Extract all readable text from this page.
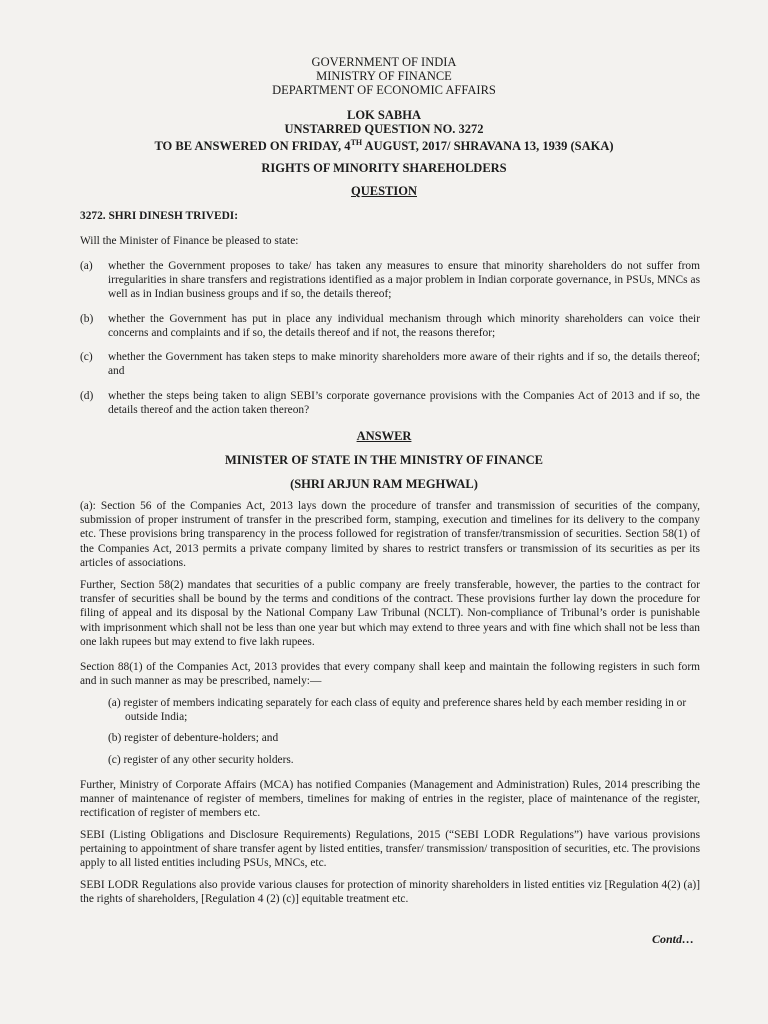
GOVERNMENT OF INDIA
MINISTRY OF FINANCE
DEPARTMENT OF ECONOMIC AFFAIRS
LOK SABHA
UNSTARRED QUESTION NO. 3272
TO BE ANSWERED ON FRIDAY, 4TH AUGUST, 2017/ SHRAVANA 13, 1939 (SAKA)
RIGHTS OF MINORITY SHAREHOLDERS
QUESTION
3272. SHRI DINESH TRIVEDI:
Will the Minister of Finance be pleased to state:
(a)	whether the Government proposes to take/ has taken any measures to ensure that minority shareholders do not suffer from irregularities in share transfers and registrations identified as a major problem in Indian corporate governance, in PSUs, MNCs as well as in Indian business groups and if so, the details thereof;
(b)	whether the Government has put in place any individual mechanism through which minority shareholders can voice their concerns and complaints and if so, the details thereof and if not, the reasons therefor;
(c)	whether the Government has taken steps to make minority shareholders more aware of their rights and if so, the details thereof; and
(d)	whether the steps being taken to align SEBI’s corporate governance provisions with the Companies Act of 2013 and if so, the details thereof and the action taken thereon?
ANSWER
MINISTER OF STATE IN THE MINISTRY OF FINANCE
(SHRI ARJUN RAM MEGHWAL)
(a): Section 56 of the Companies Act, 2013 lays down the procedure of transfer and transmission of securities of the company, submission of proper instrument of transfer in the prescribed form, stamping, execution and timelines for its delivery to the company etc. These provisions bring transparency in the process followed for registration of transfer/transmission of securities. Section 58(1) of the Companies Act, 2013 permits a private company limited by shares to restrict transfers or transmission of its securities as per its articles of associations.
Further, Section 58(2) mandates that securities of a public company are freely transferable, however, the parties to the contract for transfer of securities shall be bound by the terms and conditions of the contract. These provisions further lay down the procedure for filing of appeal and its disposal by the National Company Law Tribunal (NCLT). Non-compliance of Tribunal’s order is punishable with imprisonment which shall not be less than one year but which may extend to three years and with fine which shall not be less than one lakh rupees but may extend to five lakh rupees.
Section 88(1) of the Companies Act, 2013 provides that every company shall keep and maintain the following registers in such form and in such manner as may be prescribed, namely:—
(a) register of members indicating separately for each class of equity and preference shares held by each member residing in or outside India;
(b) register of debenture-holders; and
(c) register of any other security holders.
Further, Ministry of Corporate Affairs (MCA) has notified Companies (Management and Administration) Rules, 2014 prescribing the manner of maintenance of register of members, timelines for making of entries in the register, place of maintenance of the register, rectification of register of members etc.
SEBI (Listing Obligations and Disclosure Requirements) Regulations, 2015 (“SEBI LODR Regulations”) have various provisions pertaining to appointment of share transfer agent by listed entities, transfer/ transmission/ transposition of securities, etc. The provisions apply to all listed entities including PSUs, MNCs, etc.
SEBI LODR Regulations also provide various clauses for protection of minority shareholders in listed entities viz [Regulation 4(2) (a)] the rights of shareholders, [Regulation 4 (2) (c)] equitable treatment etc.
Contd…
